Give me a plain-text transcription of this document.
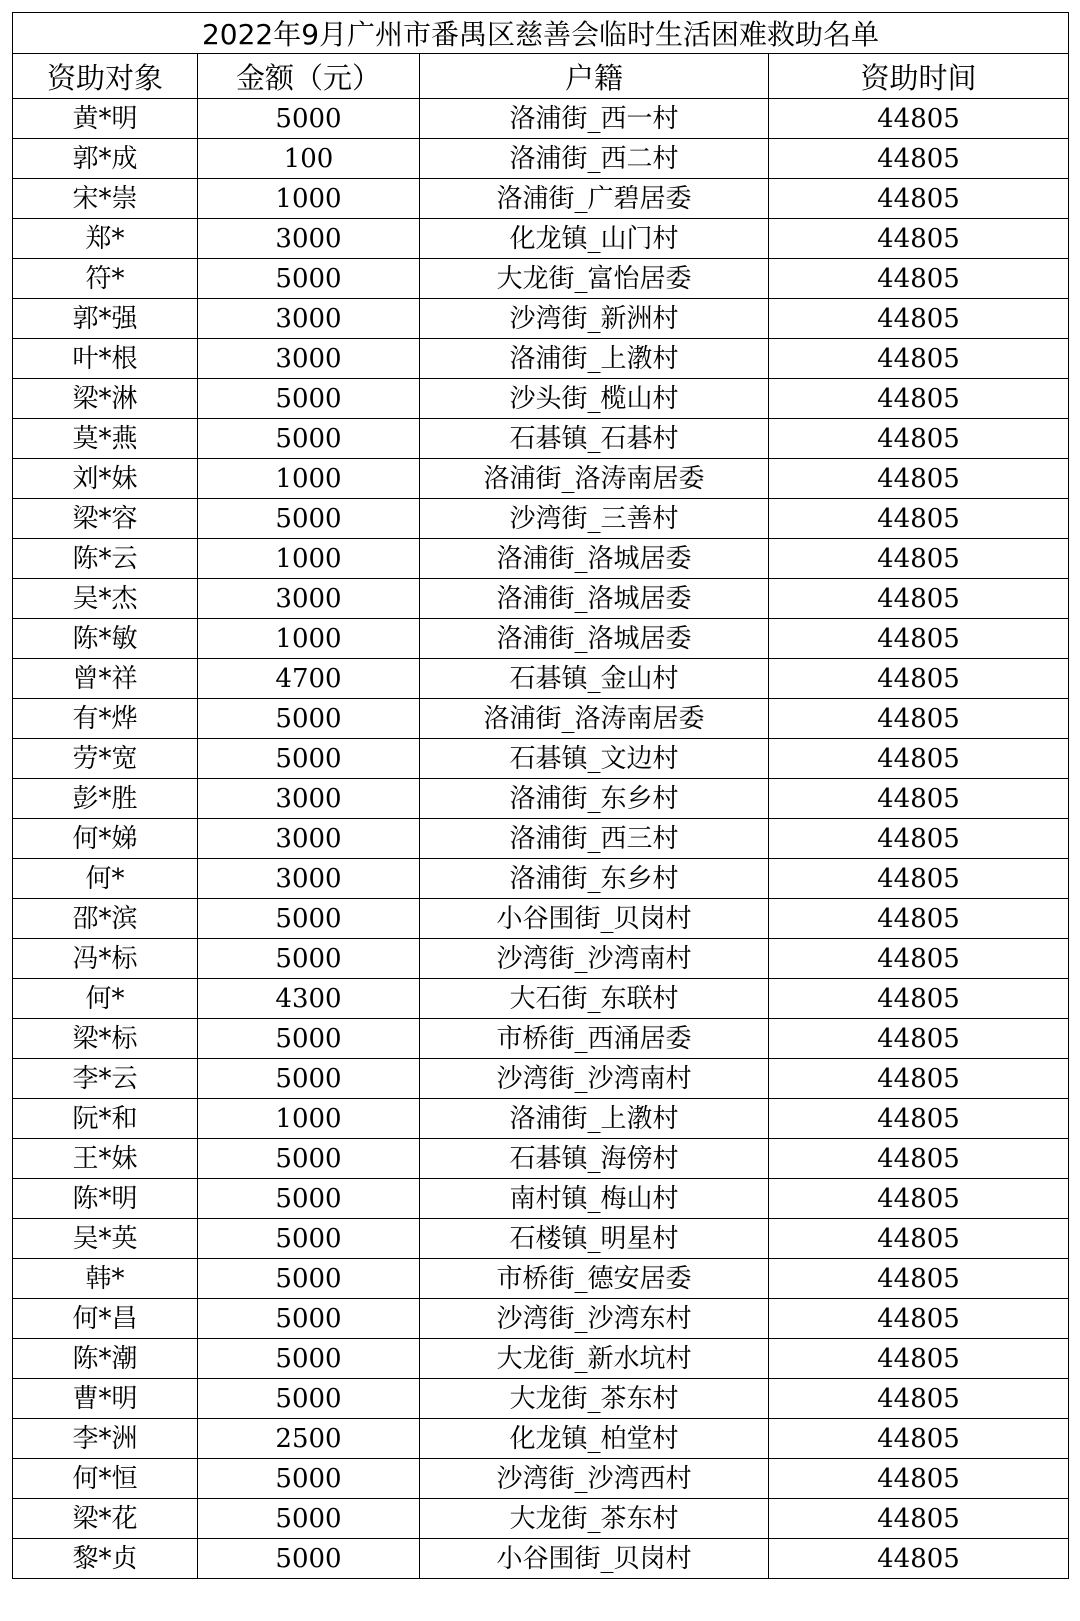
2022年9月广州市番禺区慈善会临时生活困难救助名单			
资助对象	金额（元）	户籍	资助时间
黄*明	5000	洛浦街_西一村	44805
郭*成	100	洛浦街_西二村	44805
宋*崇	1000	洛浦街_广碧居委	44805
郑*	3000	化龙镇_山门村	44805
符*	5000	大龙街_富怡居委	44805
郭*强	3000	沙湾街_新洲村	44805
叶*根	3000	洛浦街_上漖村	44805
梁*淋	5000	沙头街_榄山村	44805
莫*燕	5000	石碁镇_石碁村	44805
刘*妹	1000	洛浦街_洛涛南居委	44805
梁*容	5000	沙湾街_三善村	44805
陈*云	1000	洛浦街_洛城居委	44805
吴*杰	3000	洛浦街_洛城居委	44805
陈*敏	1000	洛浦街_洛城居委	44805
曾*祥	4700	石碁镇_金山村	44805
有*烨	5000	洛浦街_洛涛南居委	44805
劳*宽	5000	石碁镇_文边村	44805
彭*胜	3000	洛浦街_东乡村	44805
何*娣	3000	洛浦街_西三村	44805
何*	3000	洛浦街_东乡村	44805
邵*滨	5000	小谷围街_贝岗村	44805
冯*标	5000	沙湾街_沙湾南村	44805
何*	4300	大石街_东联村	44805
梁*标	5000	市桥街_西涌居委	44805
李*云	5000	沙湾街_沙湾南村	44805
阮*和	1000	洛浦街_上漖村	44805
王*妹	5000	石碁镇_海傍村	44805
陈*明	5000	南村镇_梅山村	44805
吴*英	5000	石楼镇_明星村	44805
韩*	5000	市桥街_德安居委	44805
何*昌	5000	沙湾街_沙湾东村	44805
陈*潮	5000	大龙街_新水坑村	44805
曹*明	5000	大龙街_茶东村	44805
李*洲	2500	化龙镇_柏堂村	44805
何*恒	5000	沙湾街_沙湾西村	44805
梁*花	5000	大龙街_茶东村	44805
黎*贞	5000	小谷围街_贝岗村	44805
